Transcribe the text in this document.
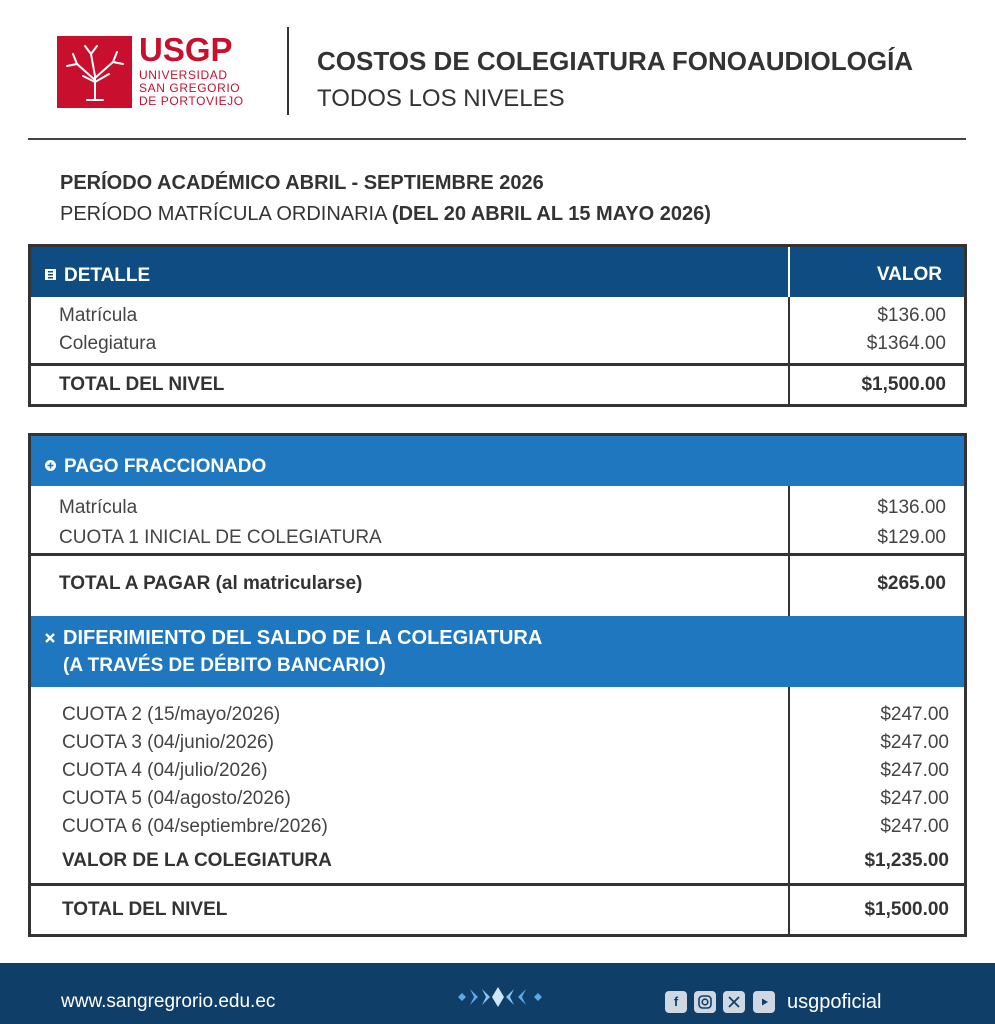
USGP
UNIVERSIDAD
SAN GREGORIO
DE PORTOVIEJO
COSTOS DE COLEGIATURA FONOAUDIOLOGÍA
TODOS LOS NIVELES
PERÍODO ACADÉMICO ABRIL - SEPTIEMBRE 2026
PERÍODO MATRÍCULA ORDINARIA (DEL 20 ABRIL AL 15 MAYO 2026)
DETALLE	VALOR
Matrícula	$136.00
Colegiatura	$1364.00
TOTAL DEL NIVEL	$1,500.00
PAGO FRACCIONADO
Matrícula	$136.00
CUOTA 1 INICIAL DE COLEGIATURA	$129.00
TOTAL A PAGAR (al matricularse)	$265.00
DIFERIMIENTO DEL SALDO DE LA COLEGIATURA
(A TRAVÉS DE DÉBITO BANCARIO)
CUOTA 2 (15/mayo/2026)	$247.00
CUOTA 3 (04/junio/2026)	$247.00
CUOTA 4 (04/julio/2026)	$247.00
CUOTA 5 (04/agosto/2026)	$247.00
CUOTA 6 (04/septiembre/2026)	$247.00
VALOR DE LA COLEGIATURA	$1,235.00
TOTAL DEL NIVEL	$1,500.00
www.sangregrorio.edu.ec	f	usgpoficial
